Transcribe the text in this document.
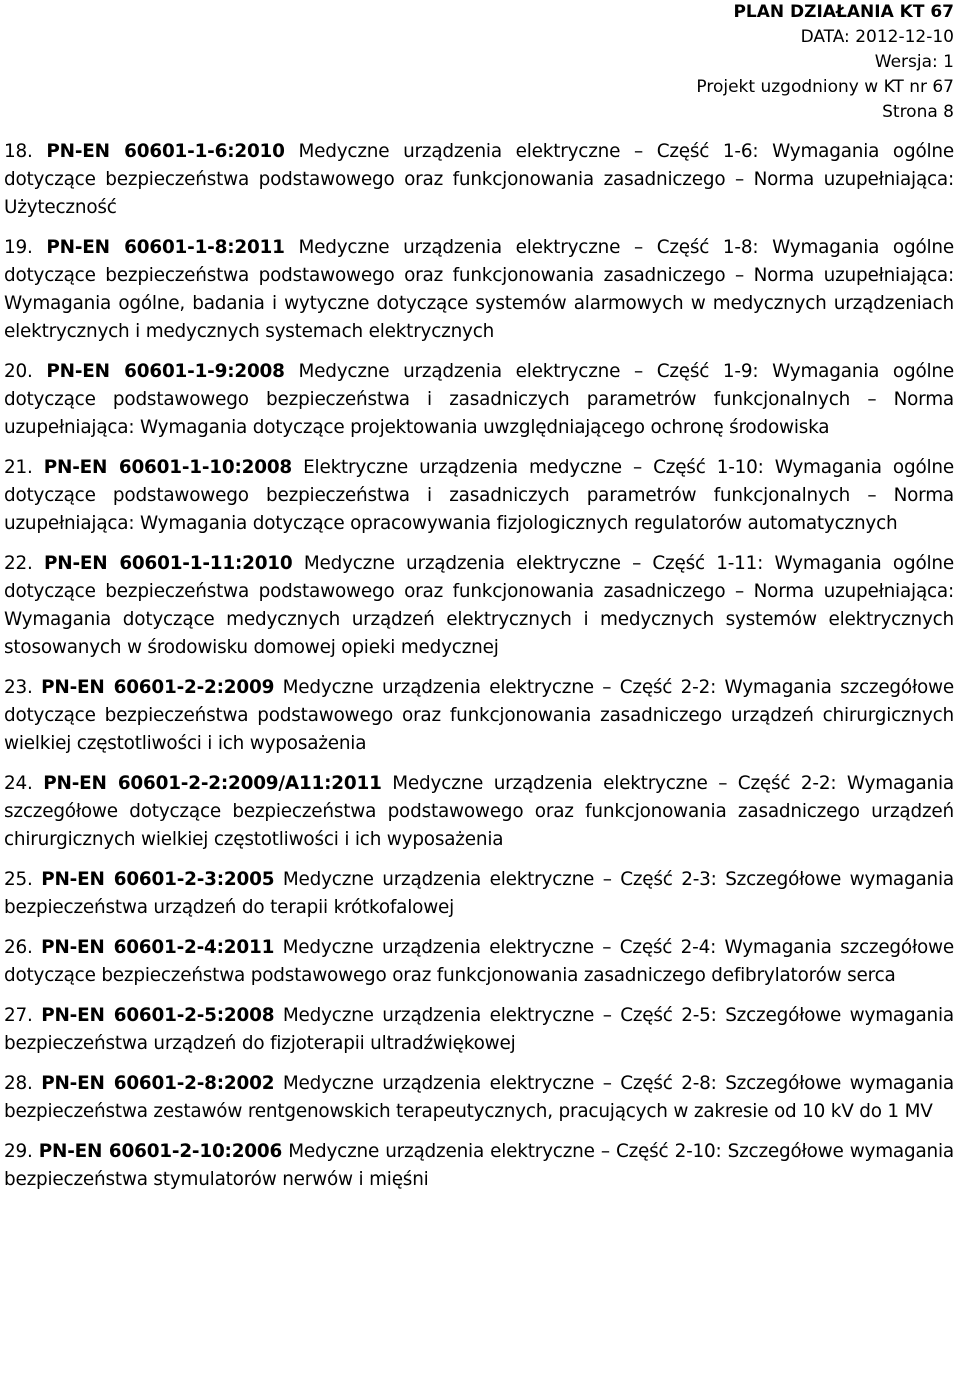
PLAN DZIAŁANIA KT 67
DATA: 2012-12-10
Wersja: 1
Projekt uzgodniony w KT nr 67
Strona 8

18. PN-EN 60601-1-6:2010 Medyczne urządzenia elektryczne – Część 1-6: Wymagania ogólne dotyczące bezpieczeństwa podstawowego oraz funkcjonowania zasadniczego – Norma uzupełniająca: Użyteczność

19. PN-EN 60601-1-8:2011 Medyczne urządzenia elektryczne – Część 1-8: Wymagania ogólne dotyczące bezpieczeństwa podstawowego oraz funkcjonowania zasadniczego – Norma uzupełniająca: Wymagania ogólne, badania i wytyczne dotyczące systemów alarmowych w medycznych urządzeniach elektrycznych i medycznych systemach elektrycznych

20. PN-EN 60601-1-9:2008 Medyczne urządzenia elektryczne – Część 1-9: Wymagania ogólne dotyczące podstawowego bezpieczeństwa i zasadniczych parametrów funkcjonalnych – Norma uzupełniająca: Wymagania dotyczące projektowania uwzględniającego ochronę środowiska

21. PN-EN 60601-1-10:2008 Elektryczne urządzenia medyczne – Część 1-10: Wymagania ogólne dotyczące podstawowego bezpieczeństwa i zasadniczych parametrów funkcjonalnych – Norma uzupełniająca: Wymagania dotyczące opracowywania fizjologicznych regulatorów automatycznych

22. PN-EN 60601-1-11:2010 Medyczne urządzenia elektryczne – Część 1-11: Wymagania ogólne dotyczące bezpieczeństwa podstawowego oraz funkcjonowania zasadniczego – Norma uzupełniająca: Wymagania dotyczące medycznych urządzeń elektrycznych i medycznych systemów elektrycznych stosowanych w środowisku domowej opieki medycznej

23. PN-EN 60601-2-2:2009 Medyczne urządzenia elektryczne – Część 2-2: Wymagania szczegółowe dotyczące bezpieczeństwa podstawowego oraz funkcjonowania zasadniczego urządzeń chirurgicznych wielkiej częstotliwości i ich wyposażenia

24. PN-EN 60601-2-2:2009/A11:2011 Medyczne urządzenia elektryczne – Część 2-2: Wymagania szczegółowe dotyczące bezpieczeństwa podstawowego oraz funkcjonowania zasadniczego urządzeń chirurgicznych wielkiej częstotliwości i ich wyposażenia

25. PN-EN 60601-2-3:2005 Medyczne urządzenia elektryczne – Część 2-3: Szczegółowe wymagania bezpieczeństwa urządzeń do terapii krótkofalowej

26. PN-EN 60601-2-4:2011 Medyczne urządzenia elektryczne – Część 2-4: Wymagania szczegółowe dotyczące bezpieczeństwa podstawowego oraz funkcjonowania zasadniczego defibrylatorów serca

27. PN-EN 60601-2-5:2008 Medyczne urządzenia elektryczne – Część 2-5: Szczegółowe wymagania bezpieczeństwa urządzeń do fizjoterapii ultradźwiękowej

28. PN-EN 60601-2-8:2002 Medyczne urządzenia elektryczne – Część 2-8: Szczegółowe wymagania bezpieczeństwa zestawów rentgenowskich terapeutycznych, pracujących w zakresie od 10 kV do 1 MV

29. PN-EN 60601-2-10:2006 Medyczne urządzenia elektryczne – Część 2-10: Szczegółowe wymagania bezpieczeństwa stymulatorów nerwów i mięśni
